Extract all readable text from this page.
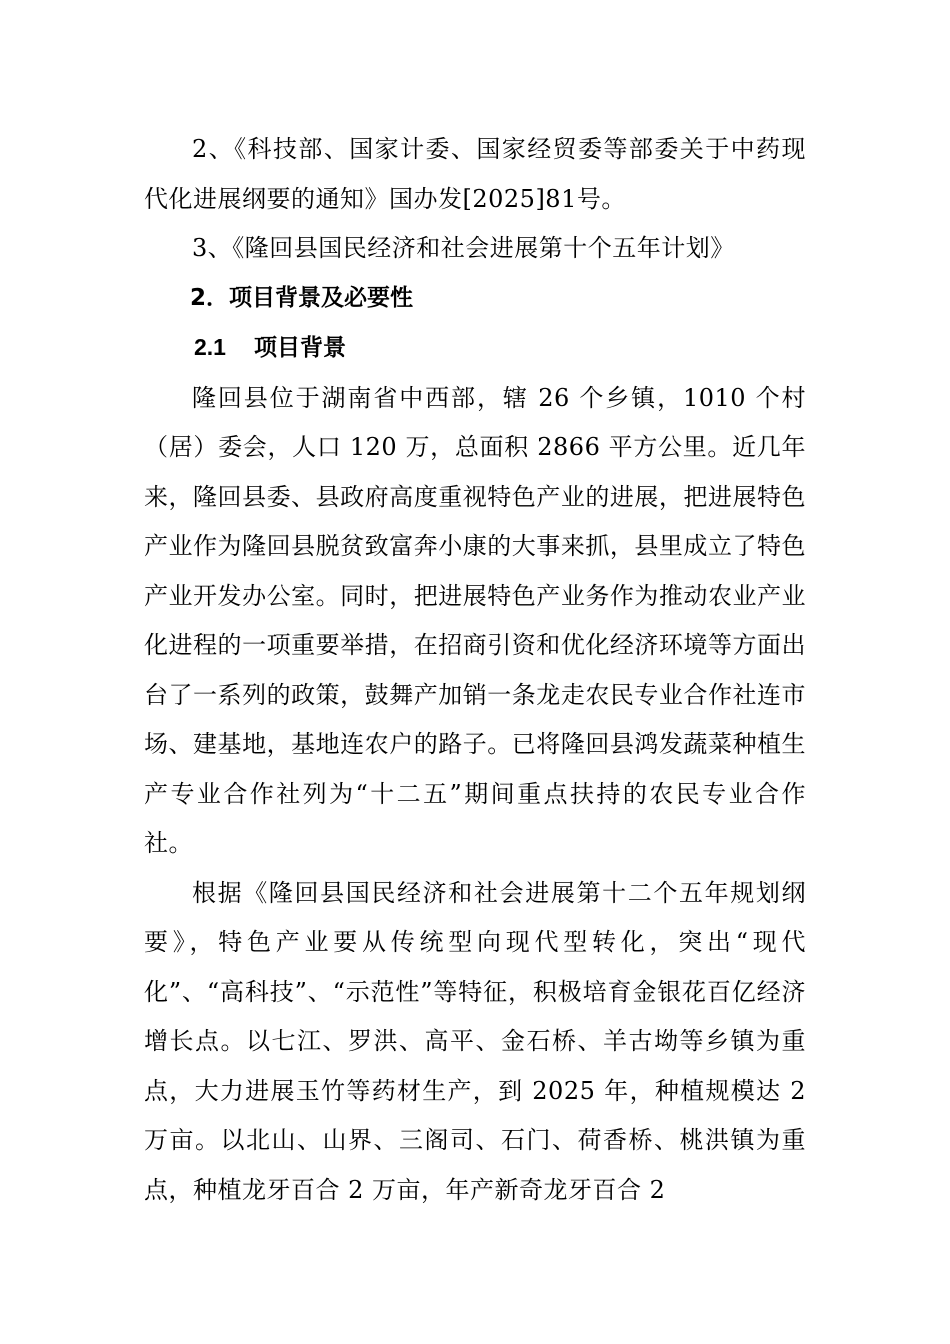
2、《科技部、国家计委、国家经贸委等部委关于中药现代化进展纲要的通知》国办发[2025]81号。

3、《隆回县国民经济和社会进展第十个五年计划》

2．项目背景及必要性
2.1 项目背景

隆回县位于湖南省中西部，辖 26 个乡镇，1010 个村（居）委会，人口 120 万，总面积 2866 平方公里。近几年来，隆回县委、县政府高度重视特色产业的进展，把进展特色产业作为隆回县脱贫致富奔小康的大事来抓，县里成立了特色产业开发办公室。同时，把进展特色产业务作为推动农业产业化进程的一项重要举措，在招商引资和优化经济环境等方面出台了一系列的政策，鼓舞产加销一条龙走农民专业合作社连市场、建基地，基地连农户的路子。已将隆回县鸿发蔬菜种植生产专业合作社列为“十二五”期间重点扶持的农民专业合作社。

根据《隆回县国民经济和社会进展第十二个五年规划纲要》，特色产业要从传统型向现代型转化，突出“现代化”、“高科技”、“示范性”等特征，积极培育金银花百亿经济增长点。以七江、罗洪、高平、金石桥、羊古坳等乡镇为重点，大力进展玉竹等药材生产，到 2025 年，种植规模达 2 万亩。以北山、山界、三阁司、石门、荷香桥、桃洪镇为重点，种植龙牙百合 2 万亩，年产新奇龙牙百合 2
